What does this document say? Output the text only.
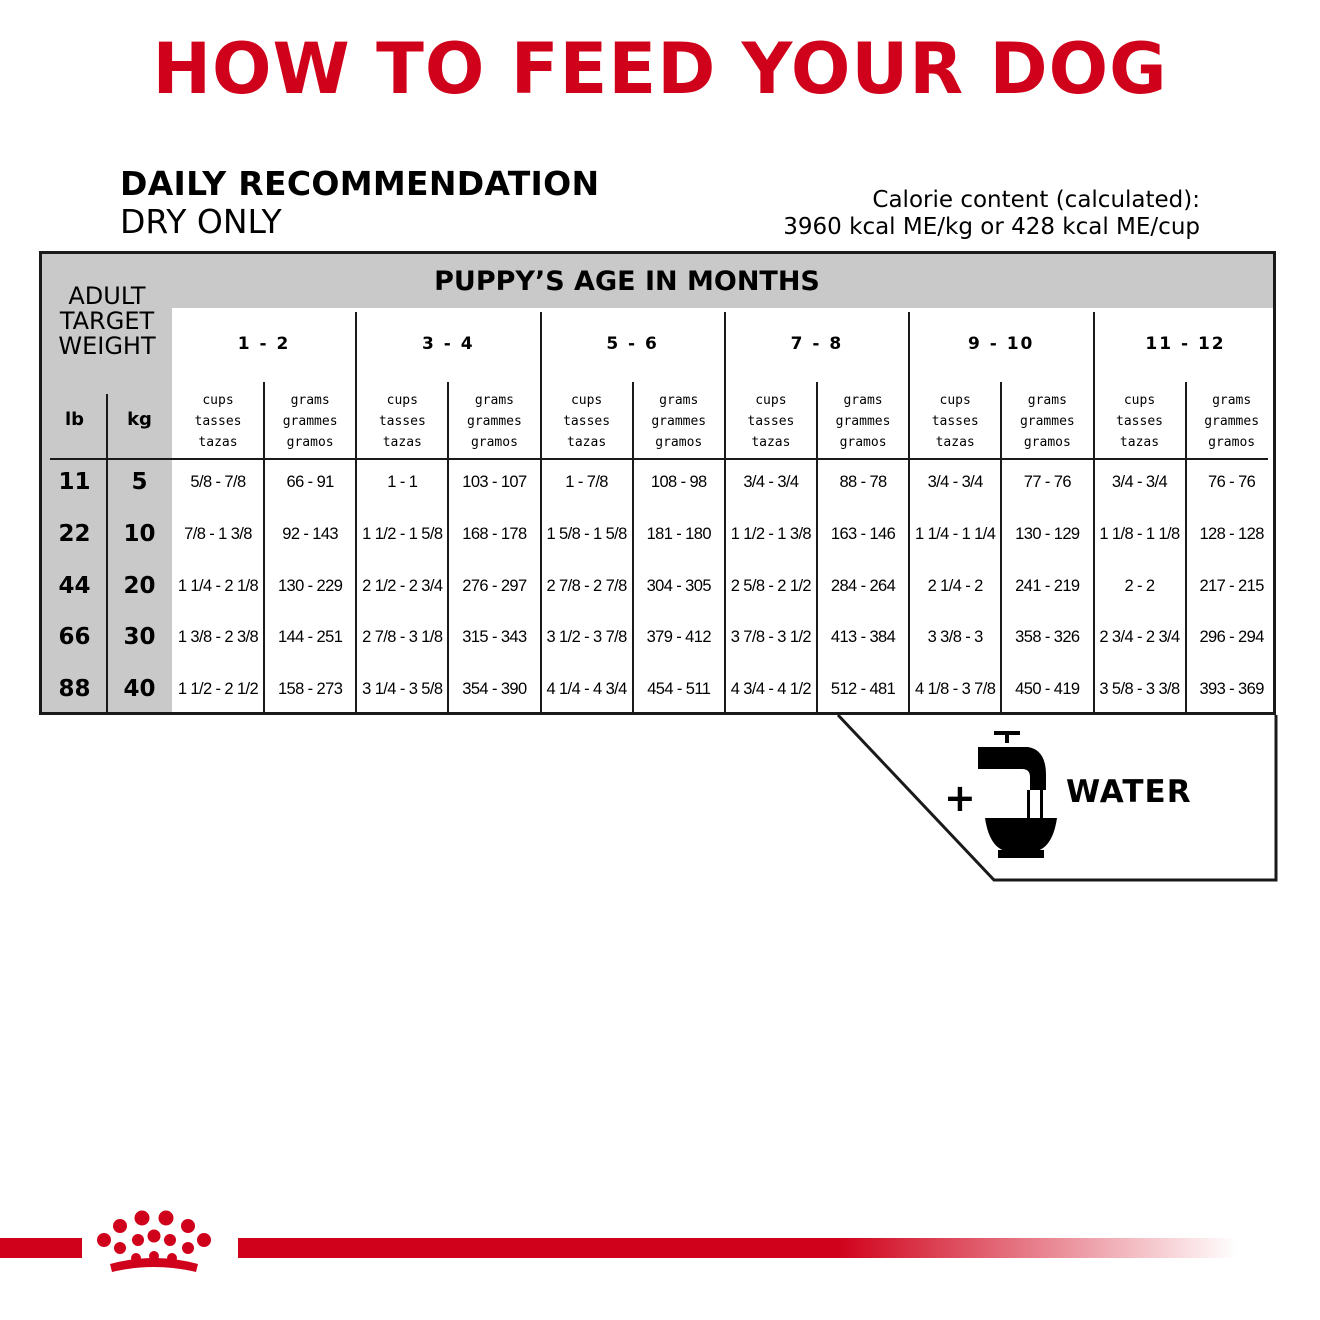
HOW TO FEED YOUR DOG
DAILY RECOMMENDATION
DRY ONLY
Calorie content (calculated):
3960 kcal ME/kg or 428 kcal ME/cup
ADULT
TARGET
WEIGHT
PUPPY’S AGE IN MONTHS
lb	kg
1 - 2
cups
tasses
tazas
grams
grammes
gramos
3 - 4
cups
tasses
tazas
grams
grammes
gramos
5 - 6
cups
tasses
tazas
grams
grammes
gramos
7 - 8
cups
tasses
tazas
grams
grammes
gramos
9 - 10
cups
tasses
tazas
grams
grammes
gramos
11 - 12
cups
tasses
tazas
grams
grammes
gramos
11	5	5/8 - 7/8	66 - 91	1 - 1	103 - 107	1 - 7/8	108 - 98	3/4 - 3/4	88 - 78	3/4 - 3/4	77 - 76	3/4 - 3/4	76 - 76
22	10	7/8 - 1 3/8	92 - 143	1 1/2 - 1 5/8	168 - 178	1 5/8 - 1 5/8	181 - 180	1 1/2 - 1 3/8	163 - 146	1 1/4 - 1 1/4	130 - 129	1 1/8 - 1 1/8	128 - 128
44	20	1 1/4 - 2 1/8	130 - 229	2 1/2 - 2 3/4	276 - 297	2 7/8 - 2 7/8	304 - 305	2 5/8 - 2 1/2	284 - 264	2 1/4 - 2	241 - 219	2 - 2	217 - 215
66	30	1 3/8 - 2 3/8	144 - 251	2 7/8 - 3 1/8	315 - 343	3 1/2 - 3 7/8	379 - 412	3 7/8 - 3 1/2	413 - 384	3 3/8 - 3	358 - 326	2 3/4 - 2 3/4	296 - 294
88	40	1 1/2 - 2 1/2	158 - 273	3 1/4 - 3 5/8	354 - 390	4 1/4 - 4 3/4	454 - 511	4 3/4 - 4 1/2	512 - 481	4 1/8 - 3 7/8	450 - 419	3 5/8 - 3 3/8	393 - 369
+	WATER
